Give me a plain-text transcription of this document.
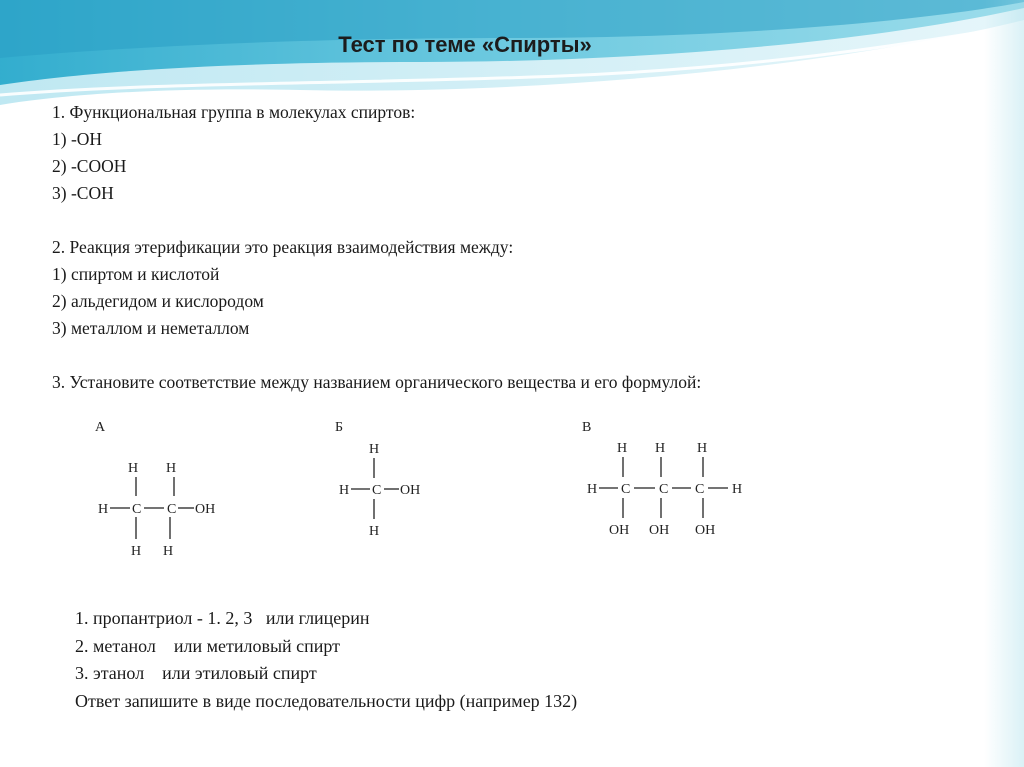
Тест по теме «Спирты»
1. Функциональная группа в молекулах спиртов:
1) -ОН
2) -СООН
3) -СОН
2. Реакция этерификации это реакция взаимодействия между:
1) спиртом и кислотой
2) альдегидом и кислородом
3) металлом и неметаллом
3. Установите соответствие между названием органического вещества и его формулой:
А
H H
H C C OH
H H
Б
H
H C OH
H
В
H H H
H C C C H
OH OH OH
1. пропантриол - 1. 2, 3   или глицерин
2. метанол    или метиловый спирт
3. этанол    или этиловый спирт
Ответ запишите в виде последовательности цифр (например 132)
